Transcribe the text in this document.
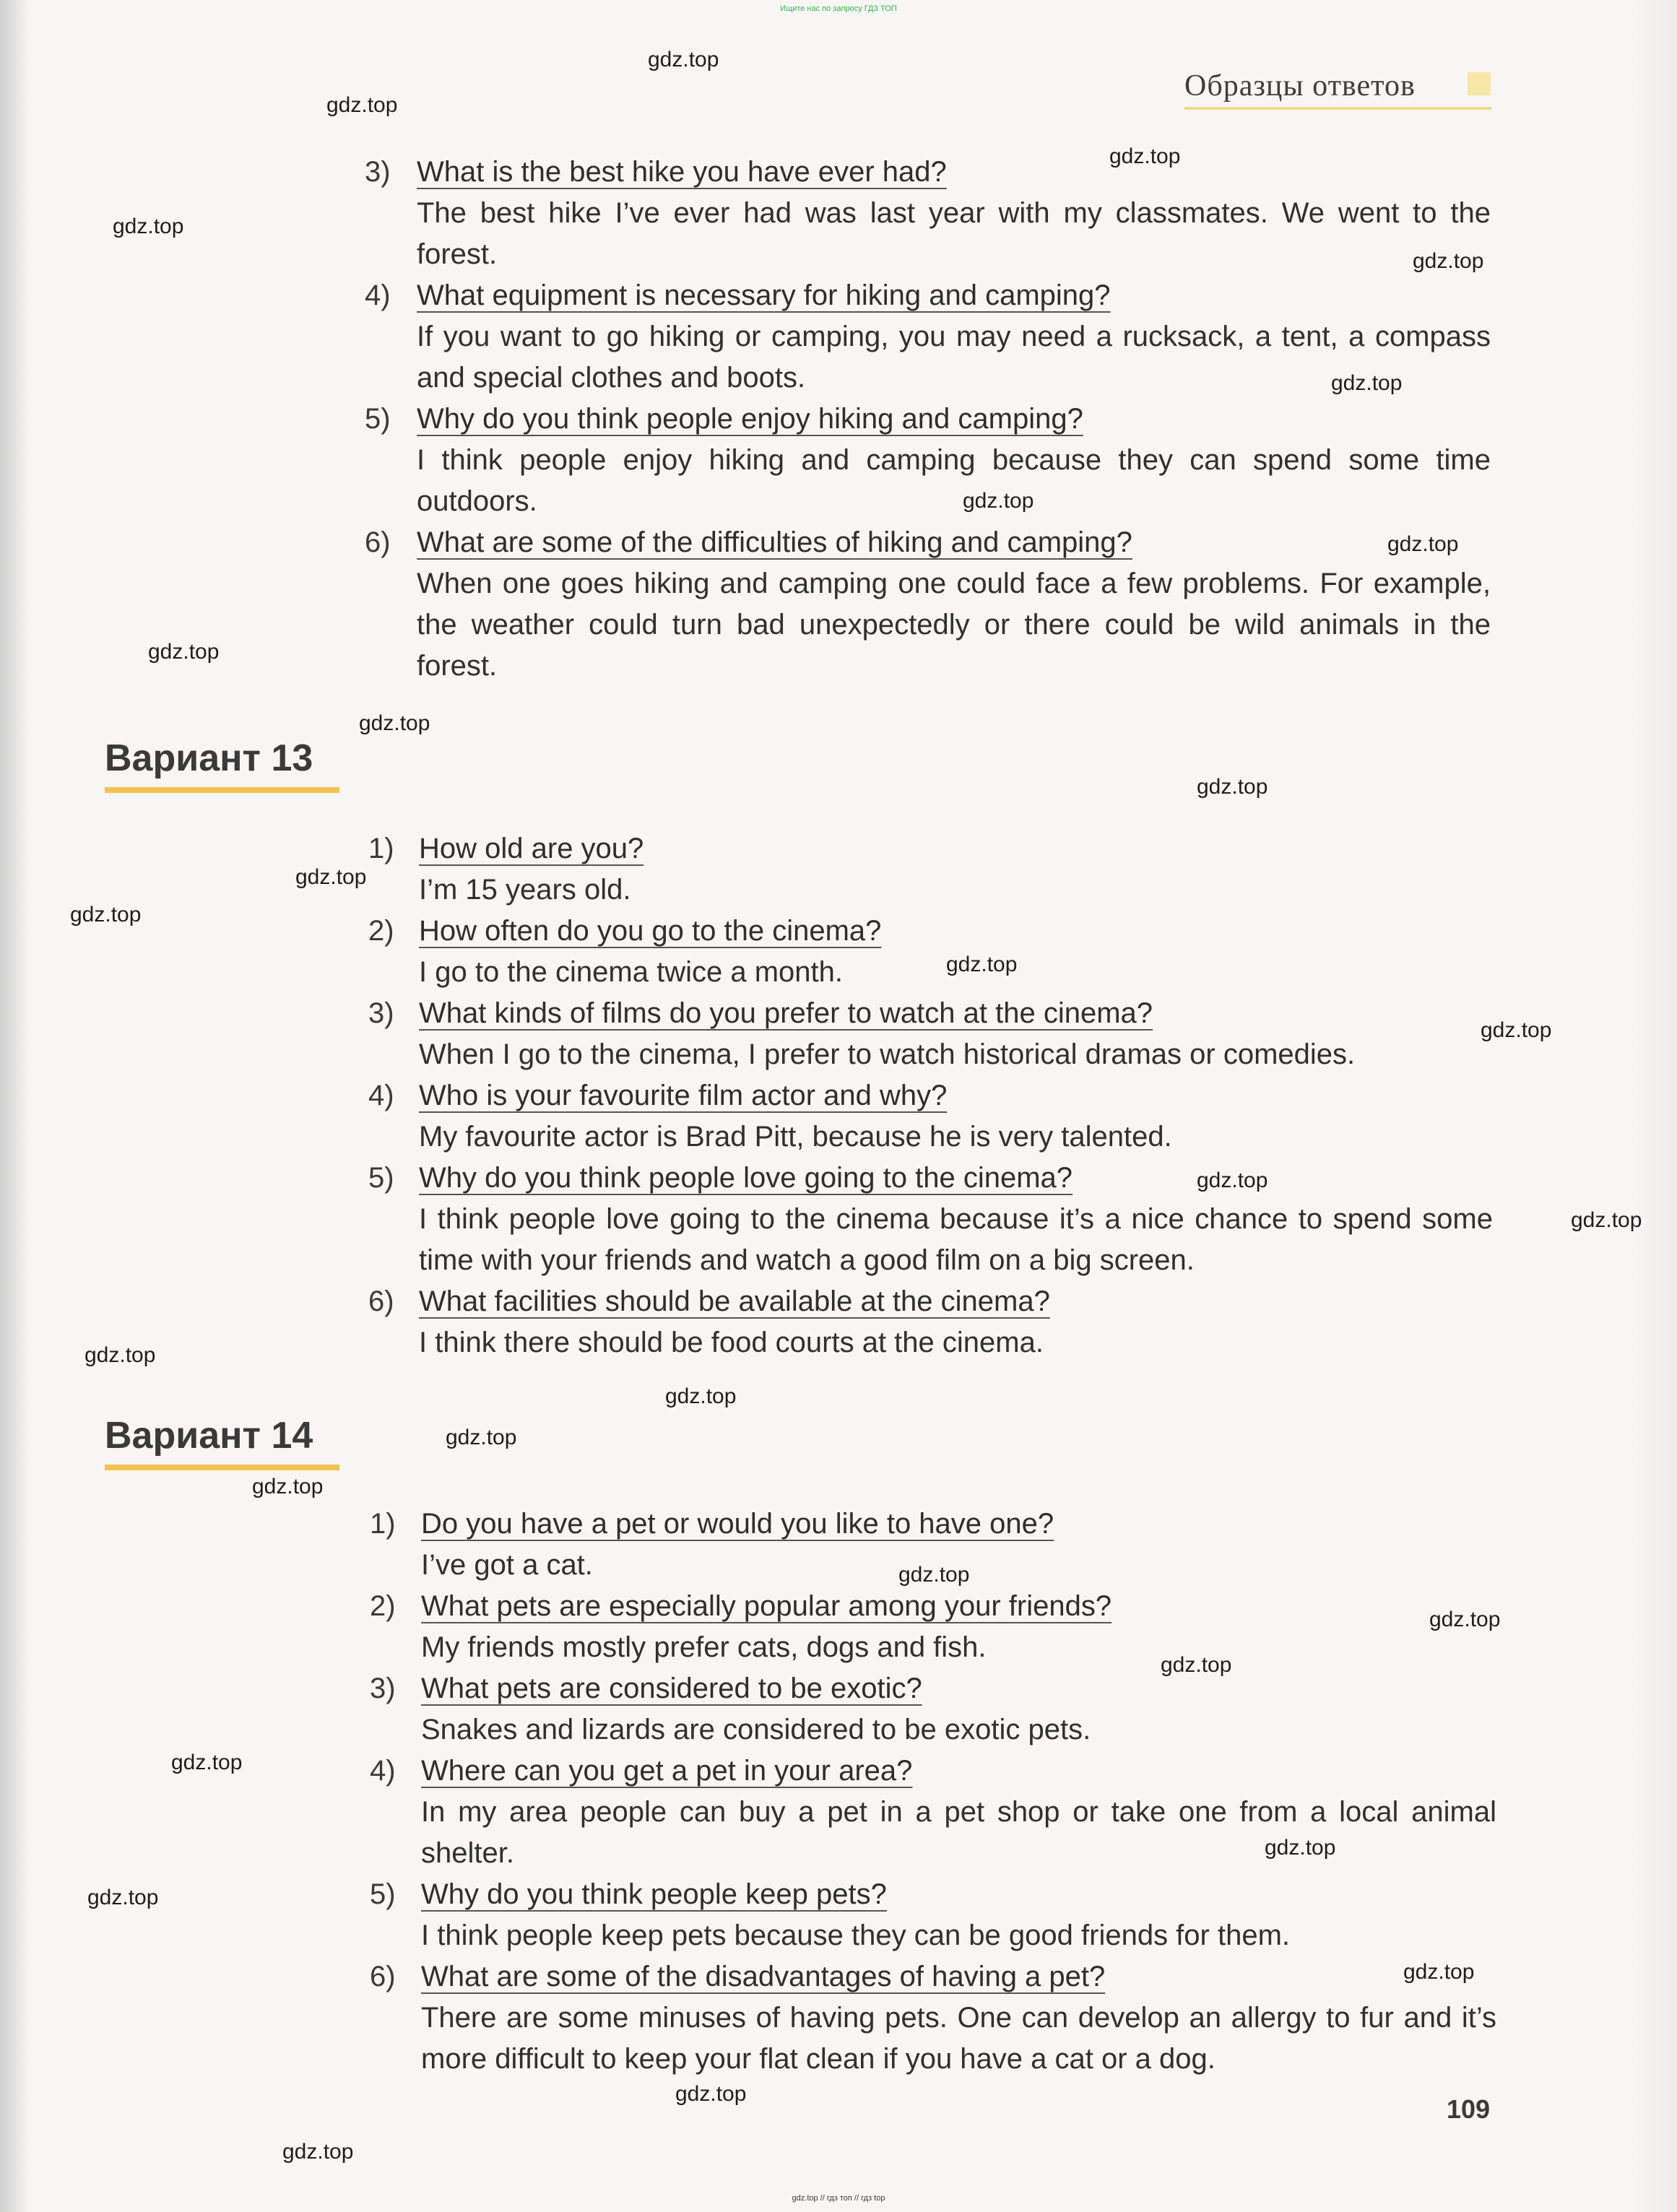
Ищите нас по запросу ГДЗ ТОП
Образцы ответов
3) What is the best hike you have ever had?
The best hike I’ve ever had was last year with my classmates. We went to the forest.
4) What equipment is necessary for hiking and camping?
If you want to go hiking or camping, you may need a rucksack, a tent, a compass and special clothes and boots.
5) Why do you think people enjoy hiking and camping?
I think people enjoy hiking and camping because they can spend some time outdoors.
6) What are some of the difficulties of hiking and camping?
When one goes hiking and camping one could face a few problems. For example, the weather could turn bad unexpectedly or there could be wild animals in the forest.
Вариант 13
1) How old are you?
I’m 15 years old.
2) How often do you go to the cinema?
I go to the cinema twice a month.
3) What kinds of films do you prefer to watch at the cinema?
When I go to the cinema, I prefer to watch historical dramas or comedies.
4) Who is your favourite film actor and why?
My favourite actor is Brad Pitt, because he is very talented.
5) Why do you think people love going to the cinema?
I think people love going to the cinema because it’s a nice chance to spend some time with your friends and watch a good film on a big screen.
6) What facilities should be available at the cinema?
I think there should be food courts at the cinema.
Вариант 14
1) Do you have a pet or would you like to have one?
I’ve got a cat.
2) What pets are especially popular among your friends?
My friends mostly prefer cats, dogs and fish.
3) What pets are considered to be exotic?
Snakes and lizards are considered to be exotic pets.
4) Where can you get a pet in your area?
In my area people can buy a pet in a pet shop or take one from a local animal shelter.
5) Why do you think people keep pets?
I think people keep pets because they can be good friends for them.
6) What are some of the disadvantages of having a pet?
There are some minuses of having pets. One can develop an allergy to fur and it’s more difficult to keep your flat clean if you have a cat or a dog.
109
gdz.top // гдз топ // гдз top
gdz.top
gdz.top
gdz.top
gdz.top
gdz.top
gdz.top
gdz.top
gdz.top
gdz.top
gdz.top
gdz.top
gdz.top
gdz.top
gdz.top
gdz.top
gdz.top
gdz.top
gdz.top
gdz.top
gdz.top
gdz.top
gdz.top
gdz.top
gdz.top
gdz.top
gdz.top
gdz.top
gdz.top
gdz.top
gdz.top
